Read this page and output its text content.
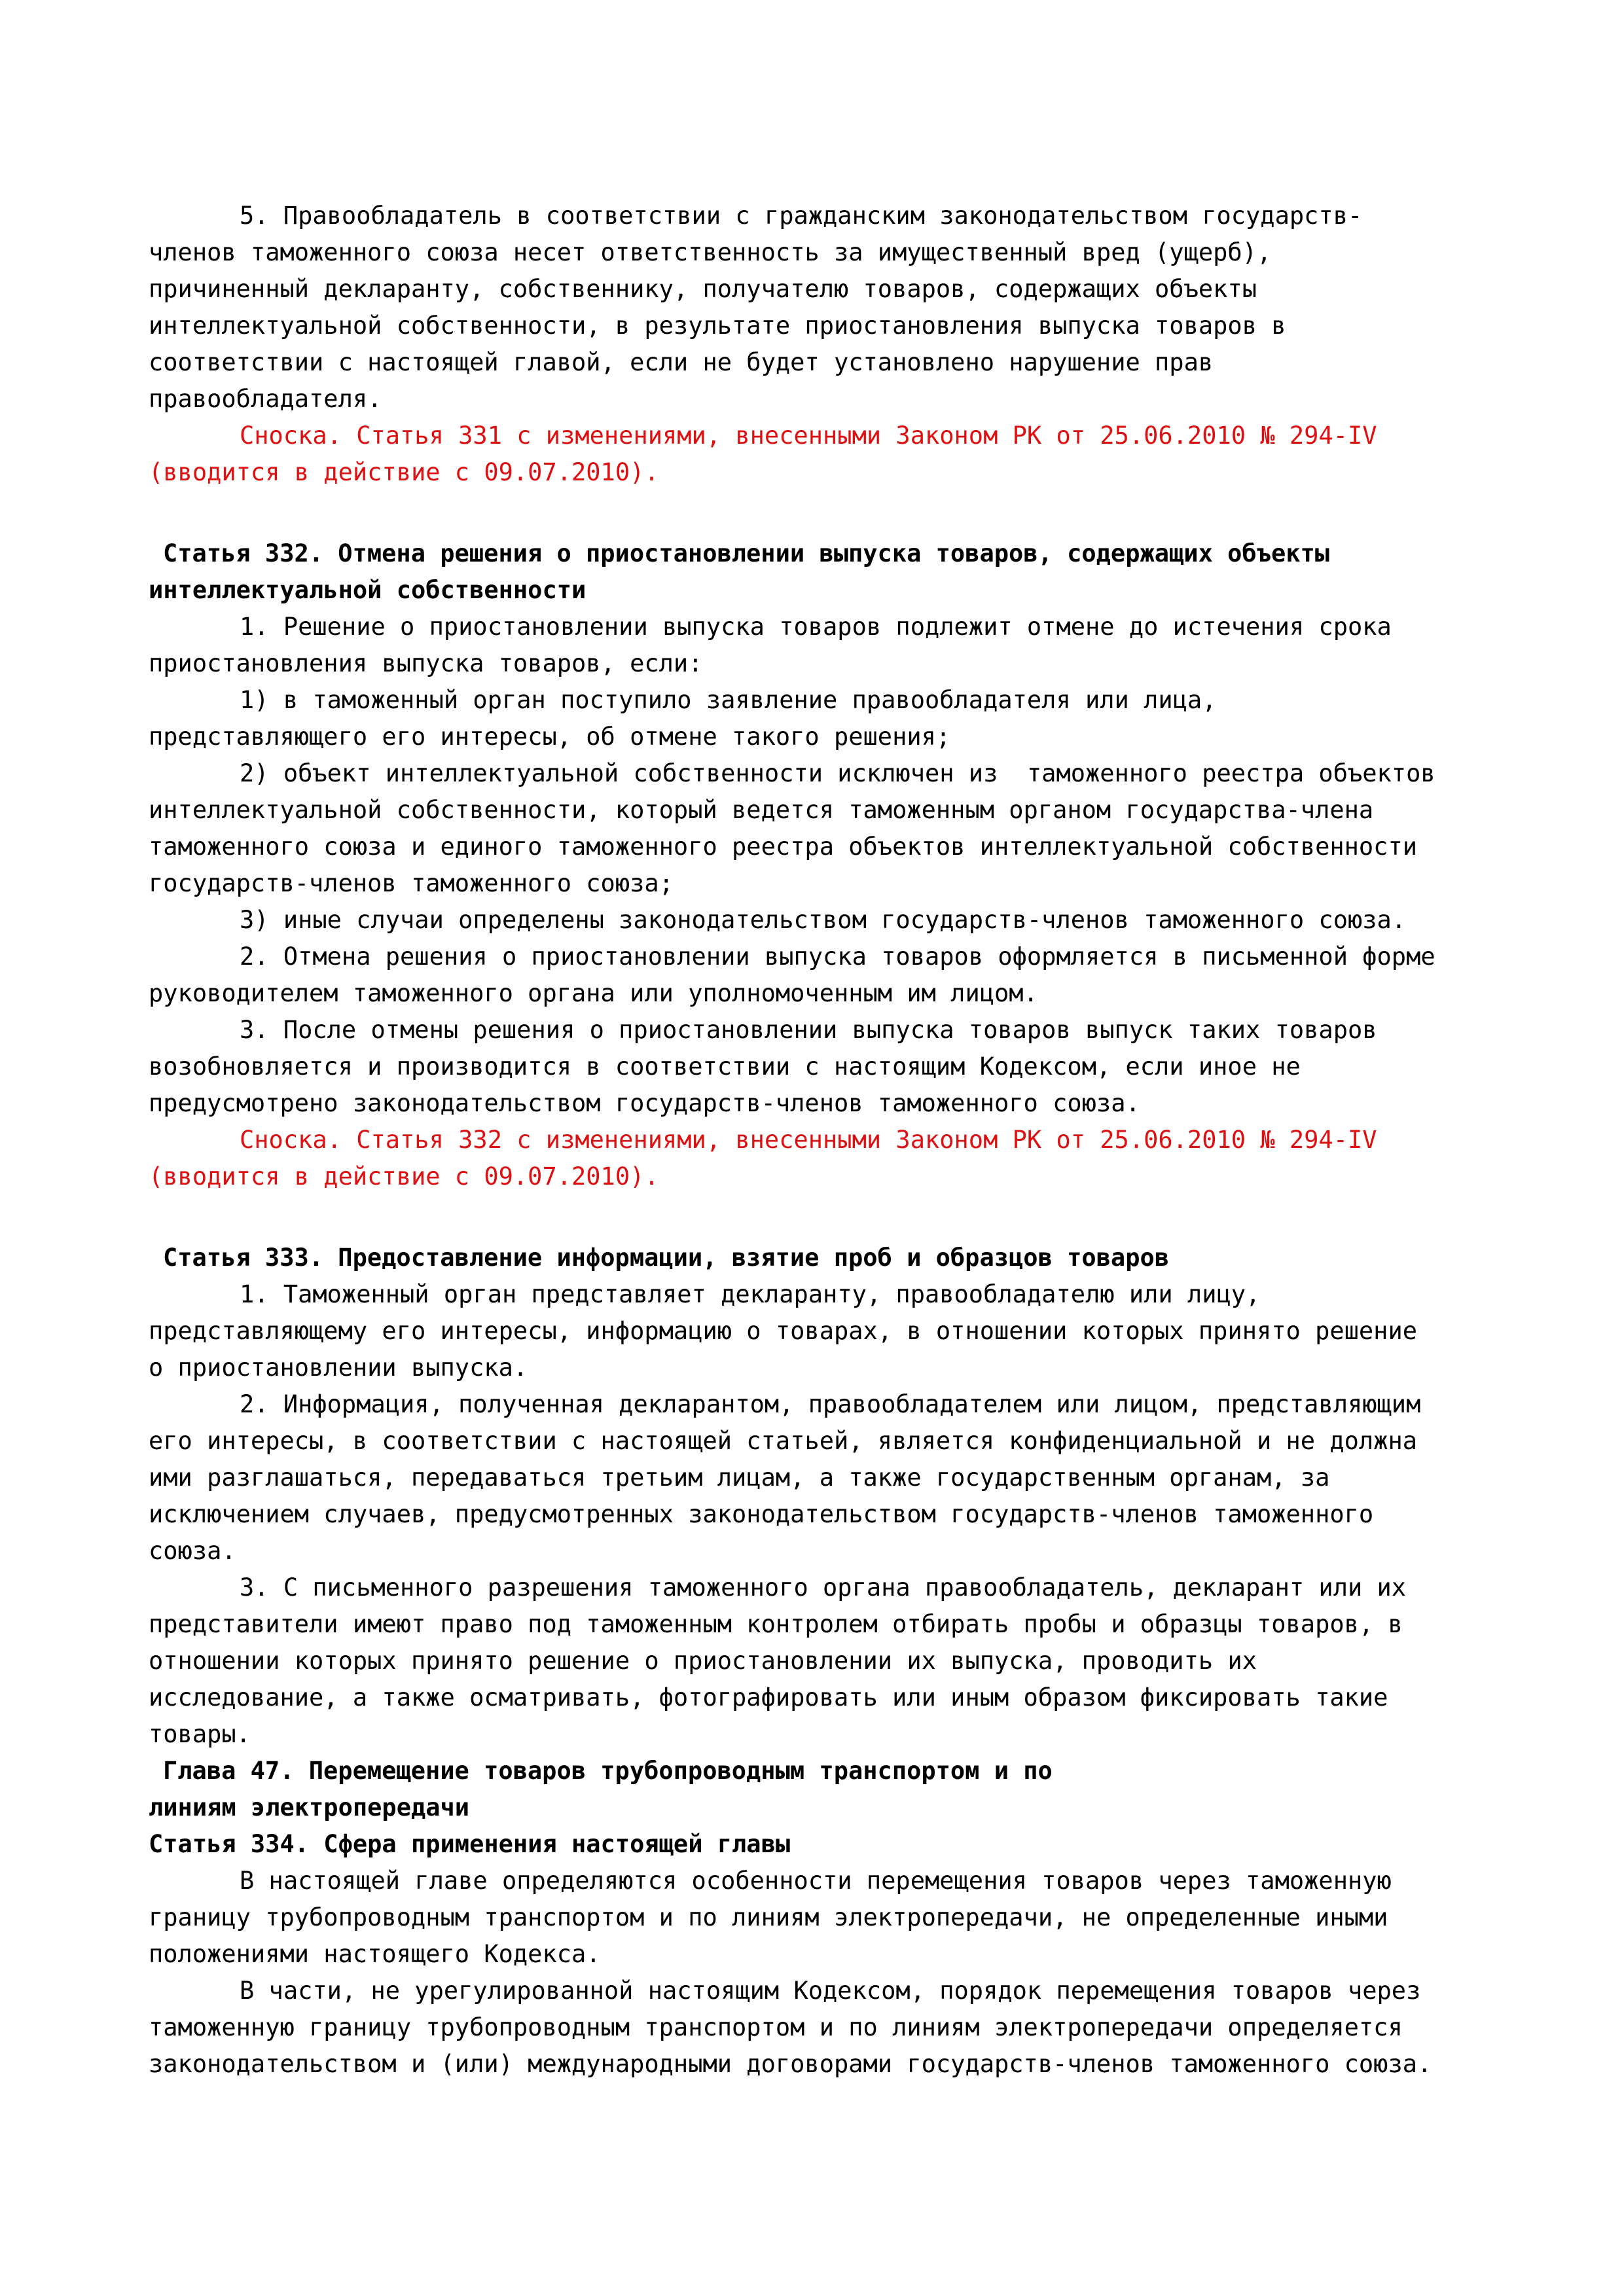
5. Правообладатель в соответствии с гражданским законодательством государств-
членов таможенного союза несет ответственность за имущественный вред (ущерб),
причиненный декларанту, собственнику, получателю товаров, содержащих объекты
интеллектуальной собственности, в результате приостановления выпуска товаров в
соответствии с настоящей главой, если не будет установлено нарушение прав
правообладателя.
Сноска. Статья 331 с изменениями, внесенными Законом РК от 25.06.2010 № 294-IV
(вводится в действие с 09.07.2010).
Статья 332. Отмена решения о приостановлении выпуска товаров, содержащих объекты
интеллектуальной собственности
1. Решение о приостановлении выпуска товаров подлежит отмене до истечения срока
приостановления выпуска товаров, если:
1) в таможенный орган поступило заявление правообладателя или лица,
представляющего его интересы, об отмене такого решения;
2) объект интеллектуальной собственности исключен из  таможенного реестра объектов
интеллектуальной собственности, который ведется таможенным органом государства-члена
таможенного союза и единого таможенного реестра объектов интеллектуальной собственности
государств-членов таможенного союза;
3) иные случаи определены законодательством государств-членов таможенного союза.
2. Отмена решения о приостановлении выпуска товаров оформляется в письменной форме
руководителем таможенного органа или уполномоченным им лицом.
3. После отмены решения о приостановлении выпуска товаров выпуск таких товаров
возобновляется и производится в соответствии с настоящим Кодексом, если иное не
предусмотрено законодательством государств-членов таможенного союза.
Сноска. Статья 332 с изменениями, внесенными Законом РК от 25.06.2010 № 294-IV
(вводится в действие с 09.07.2010).
Статья 333. Предоставление информации, взятие проб и образцов товаров
1. Таможенный орган представляет декларанту, правообладателю или лицу,
представляющему его интересы, информацию о товарах, в отношении которых принято решение
о приостановлении выпуска.
2. Информация, полученная декларантом, правообладателем или лицом, представляющим
его интересы, в соответствии с настоящей статьей, является конфиденциальной и не должна
ими разглашаться, передаваться третьим лицам, а также государственным органам, за
исключением случаев, предусмотренных законодательством государств-членов таможенного
союза.
3. С письменного разрешения таможенного органа правообладатель, декларант или их
представители имеют право под таможенным контролем отбирать пробы и образцы товаров, в
отношении которых принято решение о приостановлении их выпуска, проводить их
исследование, а также осматривать, фотографировать или иным образом фиксировать такие
товары.
Глава 47. Перемещение товаров трубопроводным транспортом и по
линиям электропередачи
Статья 334. Сфера применения настоящей главы
В настоящей главе определяются особенности перемещения товаров через таможенную
границу трубопроводным транспортом и по линиям электропередачи, не определенные иными
положениями настоящего Кодекса.
В части, не урегулированной настоящим Кодексом, порядок перемещения товаров через
таможенную границу трубопроводным транспортом и по линиям электропередачи определяется
законодательством и (или) международными договорами государств-членов таможенного союза.
